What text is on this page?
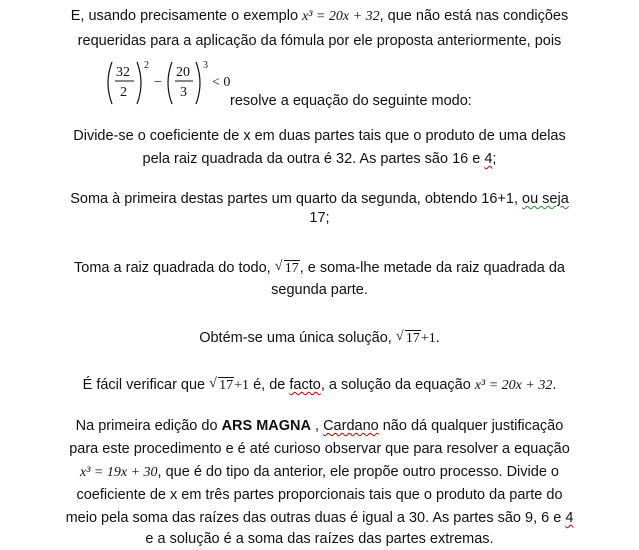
E, usando precisamente o exemplo x³ = 20x + 32, que não está nas condições
requeridas para a aplicação da fómula por ele proposta anteriormente, pois
32
2
2
−
20
3
3
< 0
resolve a equação do seguinte modo:
Divide-se o coeficiente de x em duas partes tais que o produto de uma delas
pela raiz quadrada da outra é 32. As partes são 16 e 4;
Soma à primeira destas partes um quarto da segunda, obtendo 16+1, ou seja
17;
Toma a raiz quadrada do todo, √ 17, e soma-lhe metade da raiz quadrada da
segunda parte.
Obtém-se uma única solução, √ 17+1.
É fácil verificar que √ 17+1 é, de facto, a solução da equação x³ = 20x + 32.
Na primeira edição do ARS MAGNA , Cardano não dá qualquer justificação
para este procedimento e é até curioso observar que para resolver a equação
x³ = 19x + 30, que é do tipo da anterior, ele propõe outro processo. Divide o
coeficiente de x em três partes proporcionais tais que o produto da parte do
meio pela soma das raízes das outras duas é igual a 30. As partes são 9, 6 e 4
e a solução é a soma das raízes das partes extremas.
